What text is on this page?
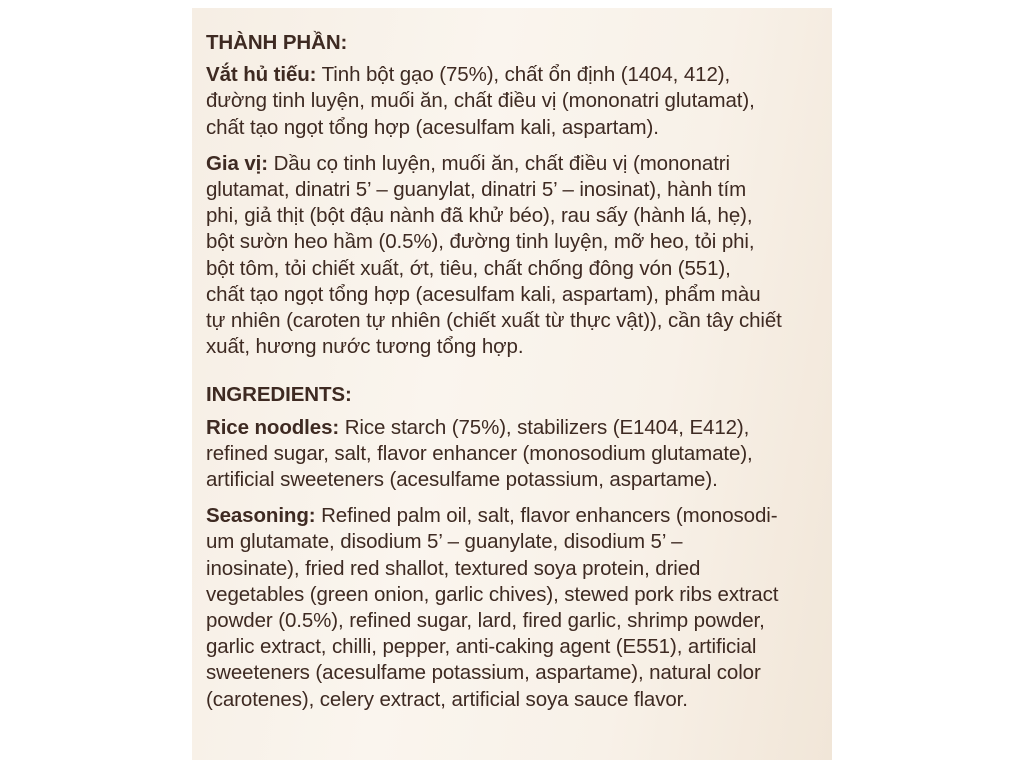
THÀNH PHẦN:
Vắt hủ tiếu: Tinh bột gạo (75%), chất ổn định (1404, 412),
đường tinh luyện, muối ăn, chất điều vị (mononatri glutamat),
chất tạo ngọt tổng hợp (acesulfam kali, aspartam).
Gia vị: Dầu cọ tinh luyện, muối ăn, chất điều vị (mononatri
glutamat, dinatri 5’ – guanylat, dinatri 5’ – inosinat), hành tím
phi, giả thịt (bột đậu nành đã khử béo), rau sấy (hành lá, hẹ),
bột sườn heo hầm (0.5%), đường tinh luyện, mỡ heo, tỏi phi,
bột tôm, tỏi chiết xuất, ớt, tiêu, chất chống đông vón (551),
chất tạo ngọt tổng hợp (acesulfam kali, aspartam), phẩm màu
tự nhiên (caroten tự nhiên (chiết xuất từ thực vật)), cần tây chiết
xuất, hương nước tương tổng hợp.
INGREDIENTS:
Rice noodles: Rice starch (75%), stabilizers (E1404, E412),
refined sugar, salt, flavor enhancer (monosodium glutamate),
artificial sweeteners (acesulfame potassium, aspartame).
Seasoning: Refined palm oil, salt, flavor enhancers (monosodi-
um glutamate, disodium 5’ – guanylate, disodium 5’ –
inosinate), fried red shallot, textured soya protein, dried
vegetables (green onion, garlic chives), stewed pork ribs extract
powder (0.5%), refined sugar, lard, fired garlic, shrimp powder,
garlic extract, chilli, pepper, anti-caking agent (E551), artificial
sweeteners (acesulfame potassium, aspartame), natural color
(carotenes), celery extract, artificial soya sauce flavor.
